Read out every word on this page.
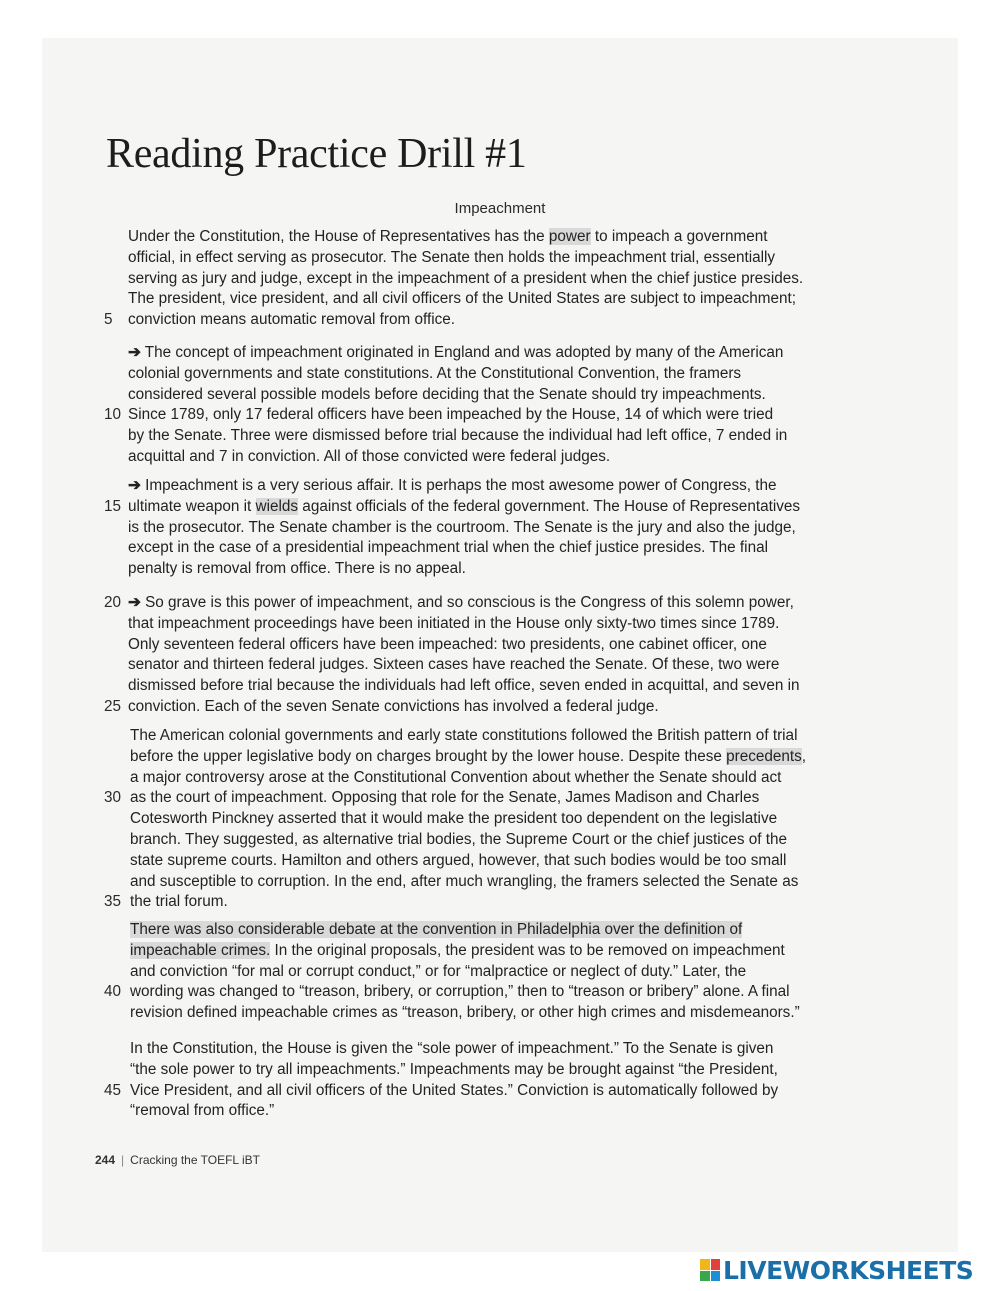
Reading Practice Drill #1
Impeachment
Under the Constitution, the House of Representatives has the power to impeach a government
official, in effect serving as prosecutor. The Senate then holds the impeachment trial, essentially
serving as jury and judge, except in the impeachment of a president when the chief justice presides.
The president, vice president, and all civil officers of the United States are subject to impeachment;
5	conviction means automatic removal from office.
➔ The concept of impeachment originated in England and was adopted by many of the American
colonial governments and state constitutions. At the Constitutional Convention, the framers
considered several possible models before deciding that the Senate should try impeachments.
10 Since 1789, only 17 federal officers have been impeached by the House, 14 of which were tried
by the Senate. Three were dismissed before trial because the individual had left office, 7 ended in
acquittal and 7 in conviction. All of those convicted were federal judges.
➔ Impeachment is a very serious affair. It is perhaps the most awesome power of Congress, the
15 ultimate weapon it wields against officials of the federal government. The House of Representatives
is the prosecutor. The Senate chamber is the courtroom. The Senate is the jury and also the judge,
except in the case of a presidential impeachment trial when the chief justice presides. The final
penalty is removal from office. There is no appeal.
20 ➔ So grave is this power of impeachment, and so conscious is the Congress of this solemn power,
that impeachment proceedings have been initiated in the House only sixty-two times since 1789.
Only seventeen federal officers have been impeached: two presidents, one cabinet officer, one
senator and thirteen federal judges. Sixteen cases have reached the Senate. Of these, two were
dismissed before trial because the individuals had left office, seven ended in acquittal, and seven in
25 conviction. Each of the seven Senate convictions has involved a federal judge.
The American colonial governments and early state constitutions followed the British pattern of trial
before the upper legislative body on charges brought by the lower house. Despite these precedents,
a major controversy arose at the Constitutional Convention about whether the Senate should act
30 as the court of impeachment. Opposing that role for the Senate, James Madison and Charles
Cotesworth Pinckney asserted that it would make the president too dependent on the legislative
branch. They suggested, as alternative trial bodies, the Supreme Court or the chief justices of the
state supreme courts. Hamilton and others argued, however, that such bodies would be too small
and susceptible to corruption. In the end, after much wrangling, the framers selected the Senate as
35 the trial forum.
There was also considerable debate at the convention in Philadelphia over the definition of
impeachable crimes. In the original proposals, the president was to be removed on impeachment
and conviction “for mal or corrupt conduct,” or for “malpractice or neglect of duty.” Later, the
40 wording was changed to “treason, bribery, or corruption,” then to “treason or bribery” alone. A final
revision defined impeachable crimes as “treason, bribery, or other high crimes and misdemeanors.”
In the Constitution, the House is given the “sole power of impeachment.” To the Senate is given
“the sole power to try all impeachments.” Impeachments may be brought against “the President,
45 Vice President, and all civil officers of the United States.” Conviction is automatically followed by
“removal from office.”
244 | Cracking the TOEFL iBT
LIVEWORKSHEETS
